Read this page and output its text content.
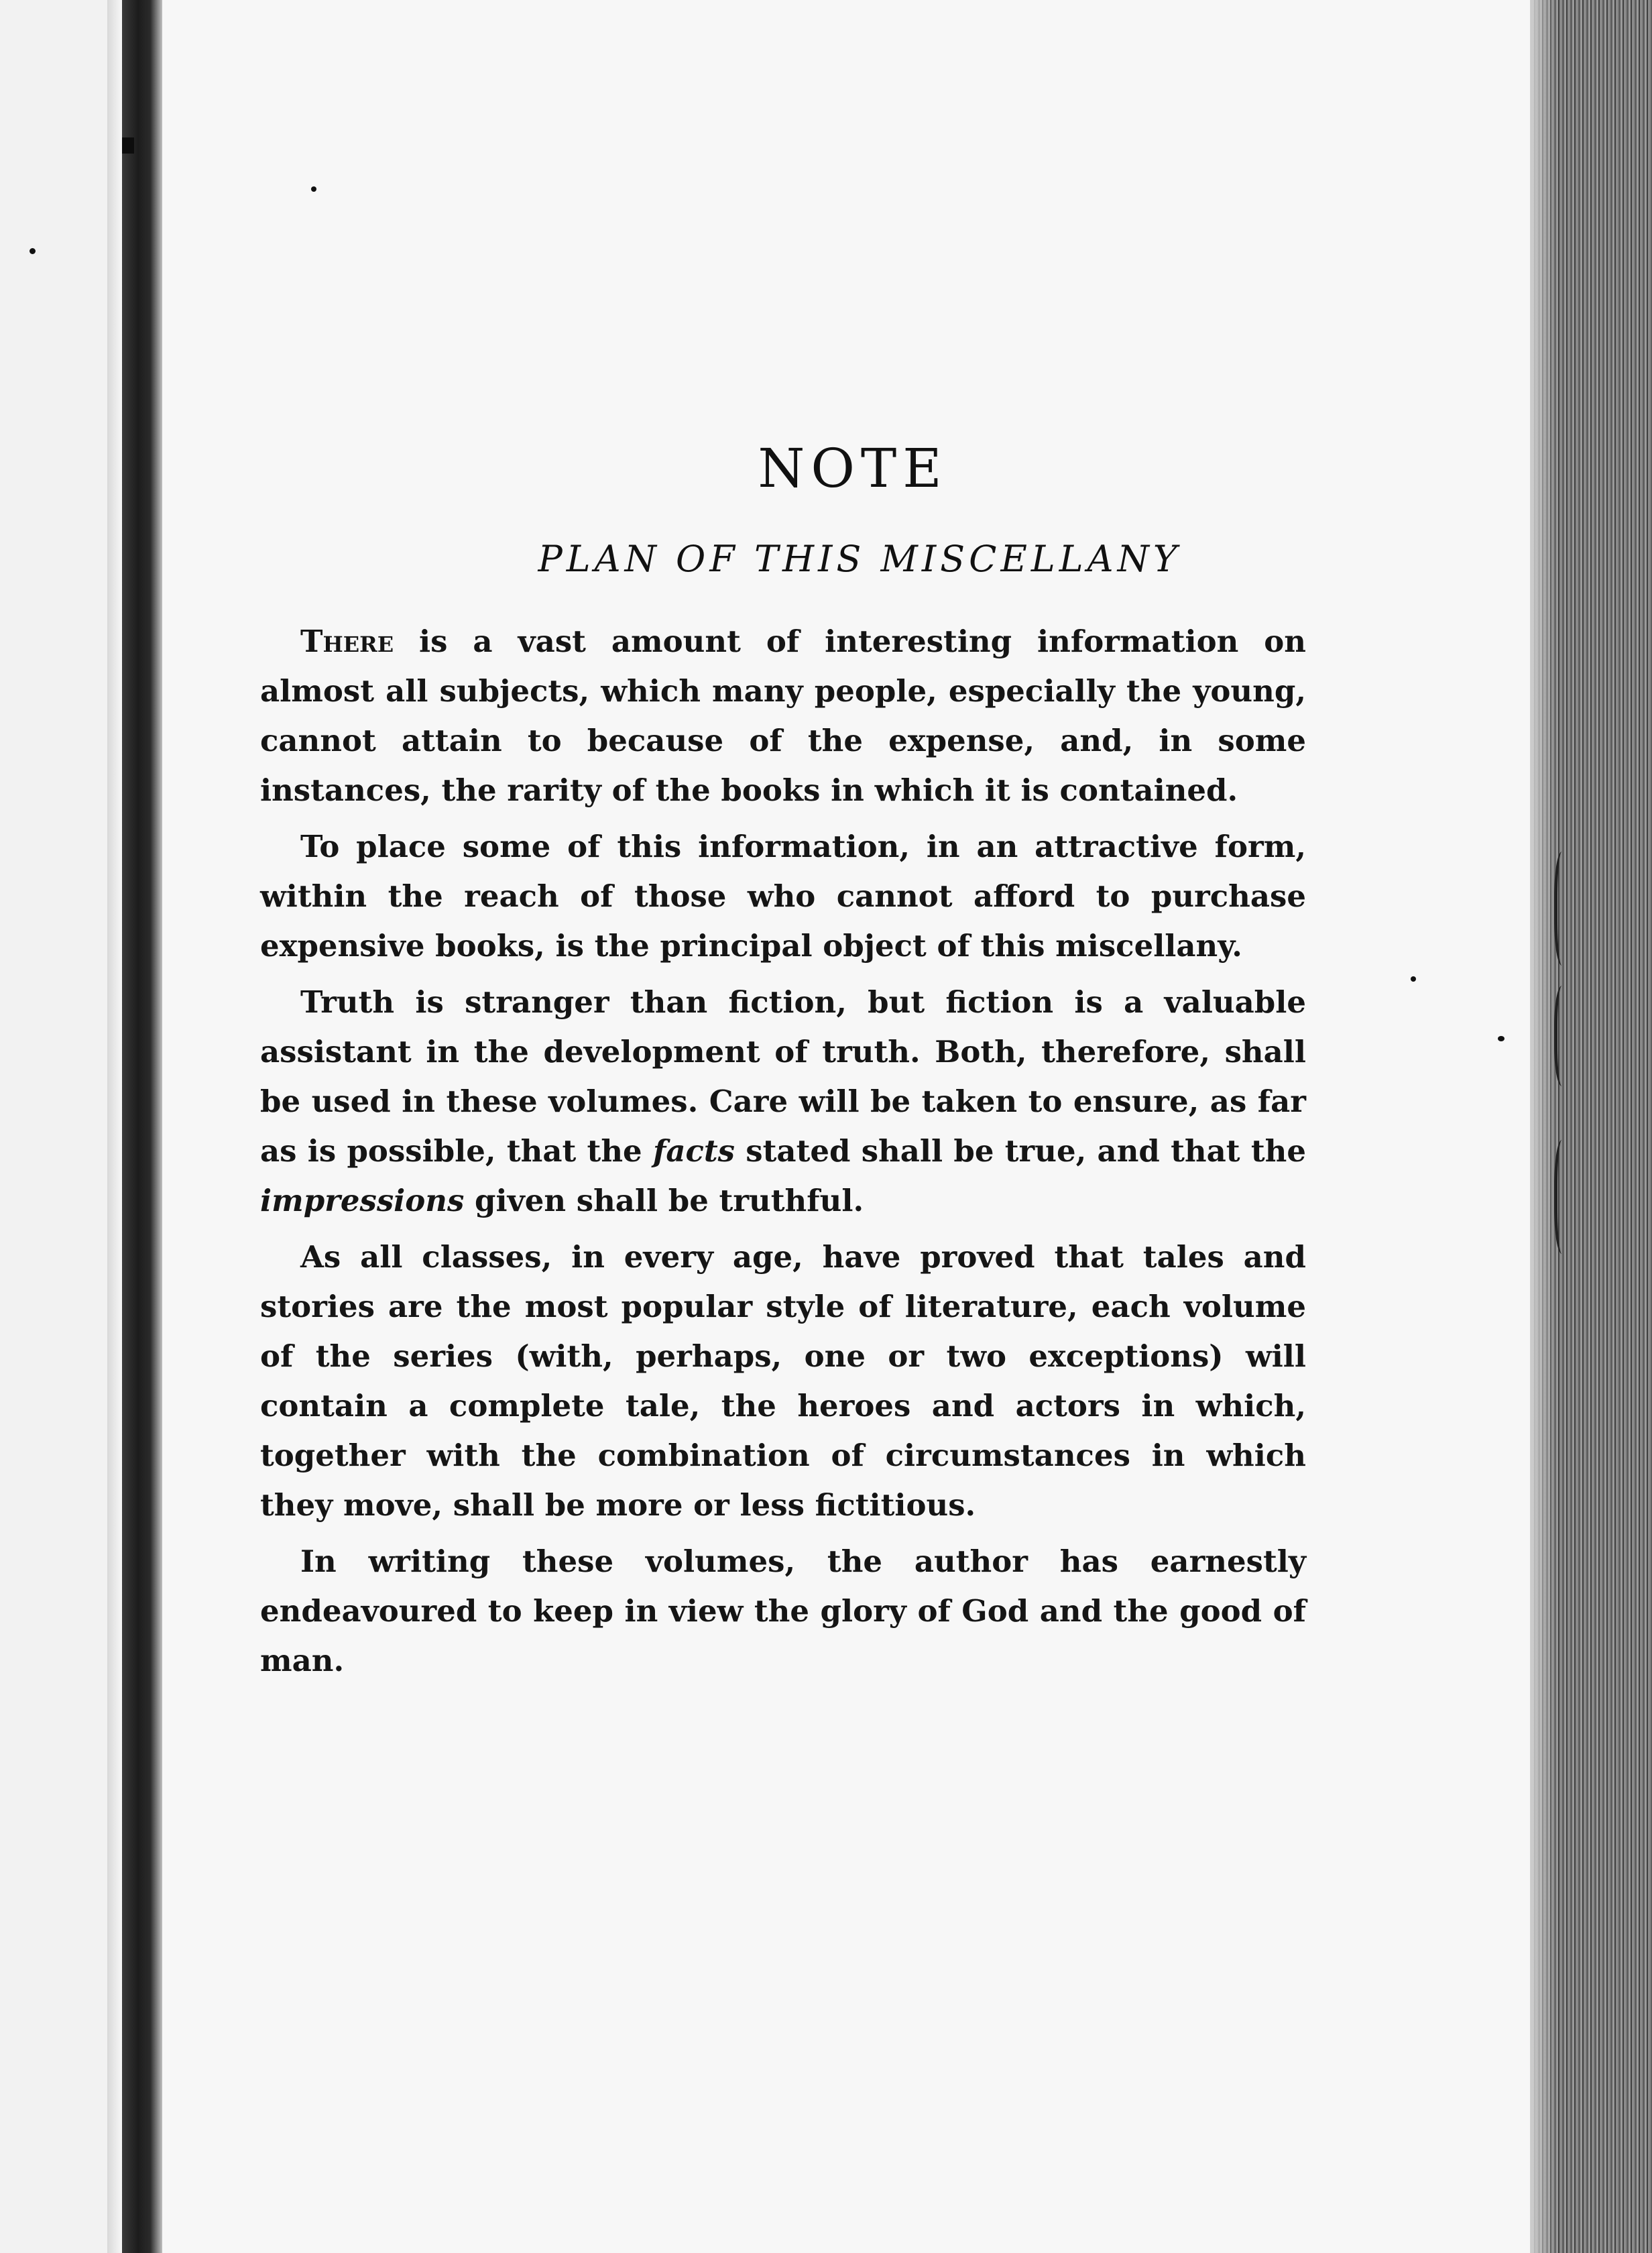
NOTE
PLAN OF THIS MISCELLANY

There is a vast amount of interesting information on almost all subjects, which many people, especially the young, cannot attain to because of the expense, and, in some instances, the rarity of the books in which it is contained.

To place some of this information, in an attractive form, within the reach of those who cannot afford to purchase expensive books, is the principal object of this miscellany.

Truth is stranger than fiction, but fiction is a valuable assistant in the development of truth. Both, therefore, shall be used in these volumes. Care will be taken to ensure, as far as is possible, that the facts stated shall be true, and that the impressions given shall be truthful.

As all classes, in every age, have proved that tales and stories are the most popular style of literature, each volume of the series (with, perhaps, one or two exceptions) will contain a complete tale, the heroes and actors in which, together with the combination of circumstances in which they move, shall be more or less fictitious.

In writing these volumes, the author has earnestly endeavoured to keep in view the glory of God and the good of man.
